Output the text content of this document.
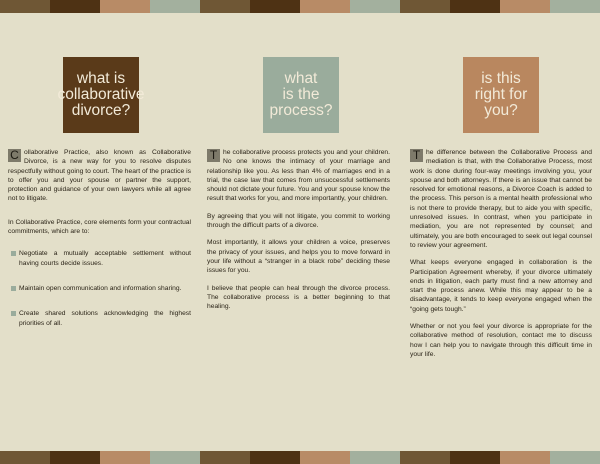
what is
collaborative
divorce?
what
is the
process?
is this
right for
you?

C ollaborative Practice, also known as Collaborative Divorce, is a new way for you to resolve disputes respectfully without going to court. The heart of the practice is to offer you and your spouse or partner the support, protection and guidance of your own lawyers while all agree not to litigate.

In Collaborative Practice, core elements form your contractual commitments, which are to:

Negotiate a mutually acceptable settlement without having courts decide issues.
Maintain open communication and information sharing.
Create shared solutions acknowledging the highest priorities of all.

T he collaborative process protects you and your children. No one knows the intimacy of your marriage and relationship like you. As less than 4% of marriages end in a trial, the case law that comes from unsuccessful settlements should not dictate your future. You and your spouse know the result that works for you, and more importantly, your children.

By agreeing that you will not litigate, you commit to working through the difficult parts of a divorce.

Most importantly, it allows your children a voice, preserves the privacy of your issues, and helps you to move forward in your life without a “stranger in a black robe” deciding these issues for you.

I believe that people can heal through the divorce process. The collaborative process is a better beginning to that healing.

T he difference between the Collaborative Process and mediation is that, with the Collaborative Process, most work is done during four-way meetings involving you, your spouse and both attorneys. If there is an issue that cannot be resolved for emotional reasons, a Divorce Coach is added to the process. This person is a mental health professional who is not there to provide therapy, but to aide you with specific, unresolved issues. In contrast, when you participate in mediation, you are not represented by counsel; and ultimately, you are both encouraged to seek out legal counsel to review your agreement.

What keeps everyone engaged in collaboration is the Participation Agreement whereby, if your divorce ultimately ends in litigation, each party must find a new attorney and start the process anew. While this may appear to be a disadvantage, it tends to keep everyone engaged when the “going gets tough.”

Whether or not you feel your divorce is appropriate for the collaborative method of resolution, contact me to discuss how I can help you to navigate through this difficult time in your life.
